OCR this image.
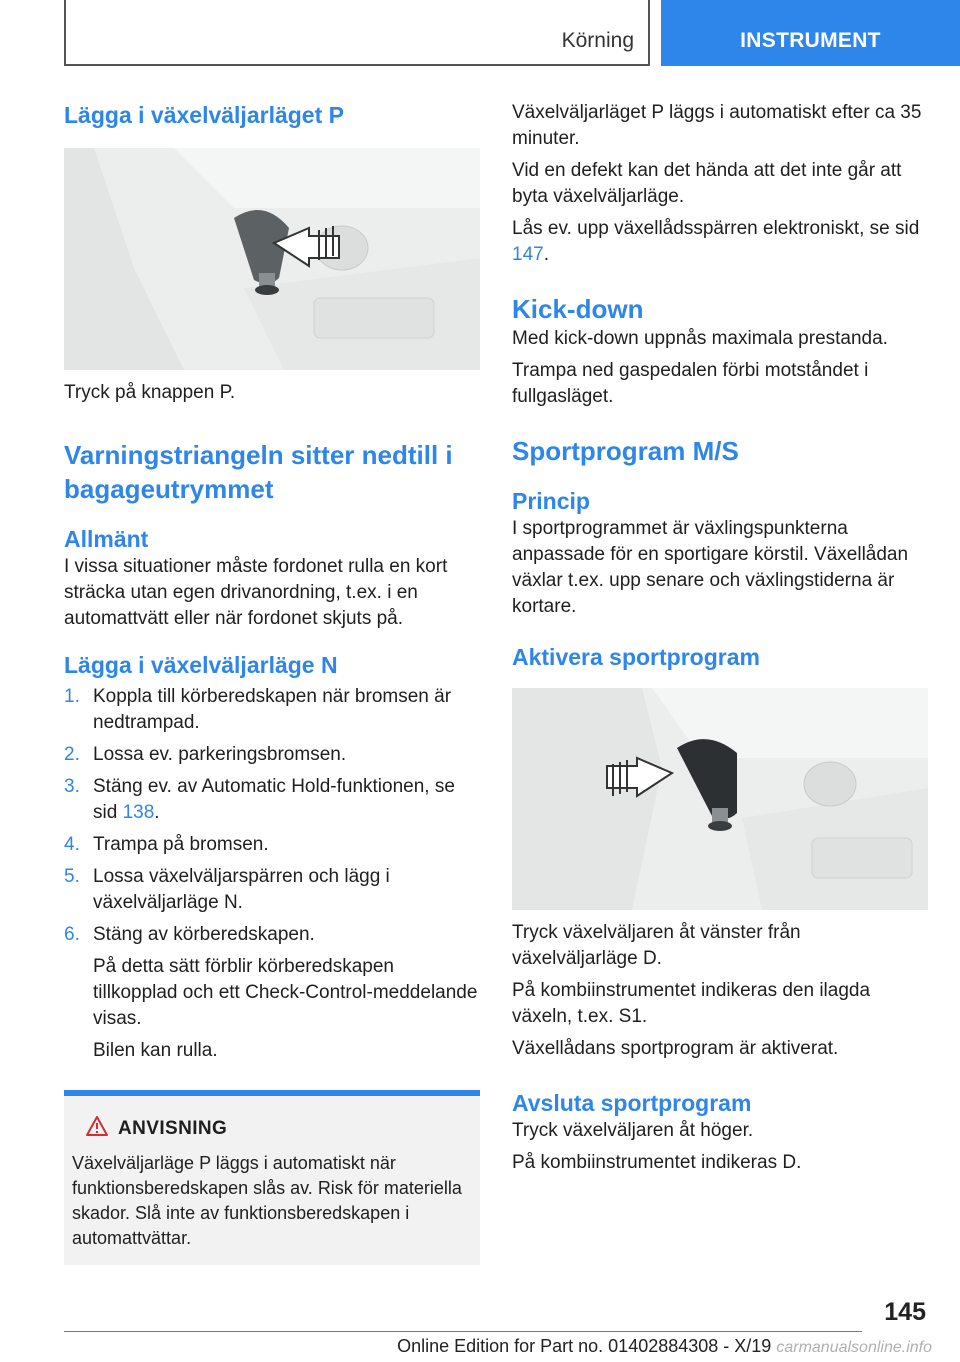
Körning	INSTRUMENT
Lägga i växelväljarläget P

Tryck på knappen P.

Varningstriangeln sitter nedtill i bagageutrymmet
Allmänt

I vissa situationer måste fordonet rulla en kort sträcka utan egen drivanordning, t.ex. i en automattvätt eller när fordonet skjuts på.

Lägga i växelväljarläge N
1. Koppla till körberedskapen när bromsen är nedtrampad.
2. Lossa ev. parkeringsbromsen.
3. Stäng ev. av Automatic Hold-funktionen, se sid 138.
4. Trampa på bromsen.
5. Lossa växelväljarspärren och lägg i växelväljarläge N.
6. Stäng av körberedskapen.

På detta sätt förblir körberedskapen tillkopplad och ett Check-Control-meddelande visas.

Bilen kan rulla.

ANVISNING

Växelväljarläge P läggs i automatiskt när funktionsberedskapen slås av. Risk för materiella skador. Slå inte av funktionsberedskapen i automattvättar.

Växelväljarläget P läggs i automatiskt efter ca 35 minuter.

Vid en defekt kan det hända att det inte går att byta växelväljarläge.

Lås ev. upp växellådsspärren elektroniskt, se sid 147.

Kick-down

Med kick-down uppnås maximala prestanda.

Trampa ned gaspedalen förbi motståndet i fullgasläget.

Sportprogram M/S
Princip

I sportprogrammet är växlingspunkterna anpassade för en sportigare körstil. Växellådan växlar t.ex. upp senare och växlingstiderna är kortare.

Aktivera sportprogram

Tryck växelväljaren åt vänster från växelväljarläge D.

På kombiinstrumentet indikeras den ilagda växeln, t.ex. S1.

Växellådans sportprogram är aktiverat.

Avsluta sportprogram

Tryck växelväljaren åt höger.

På kombiinstrumentet indikeras D.

145
Online Edition for Part no. 01402884308 - X/19 carmanualsonline.info
